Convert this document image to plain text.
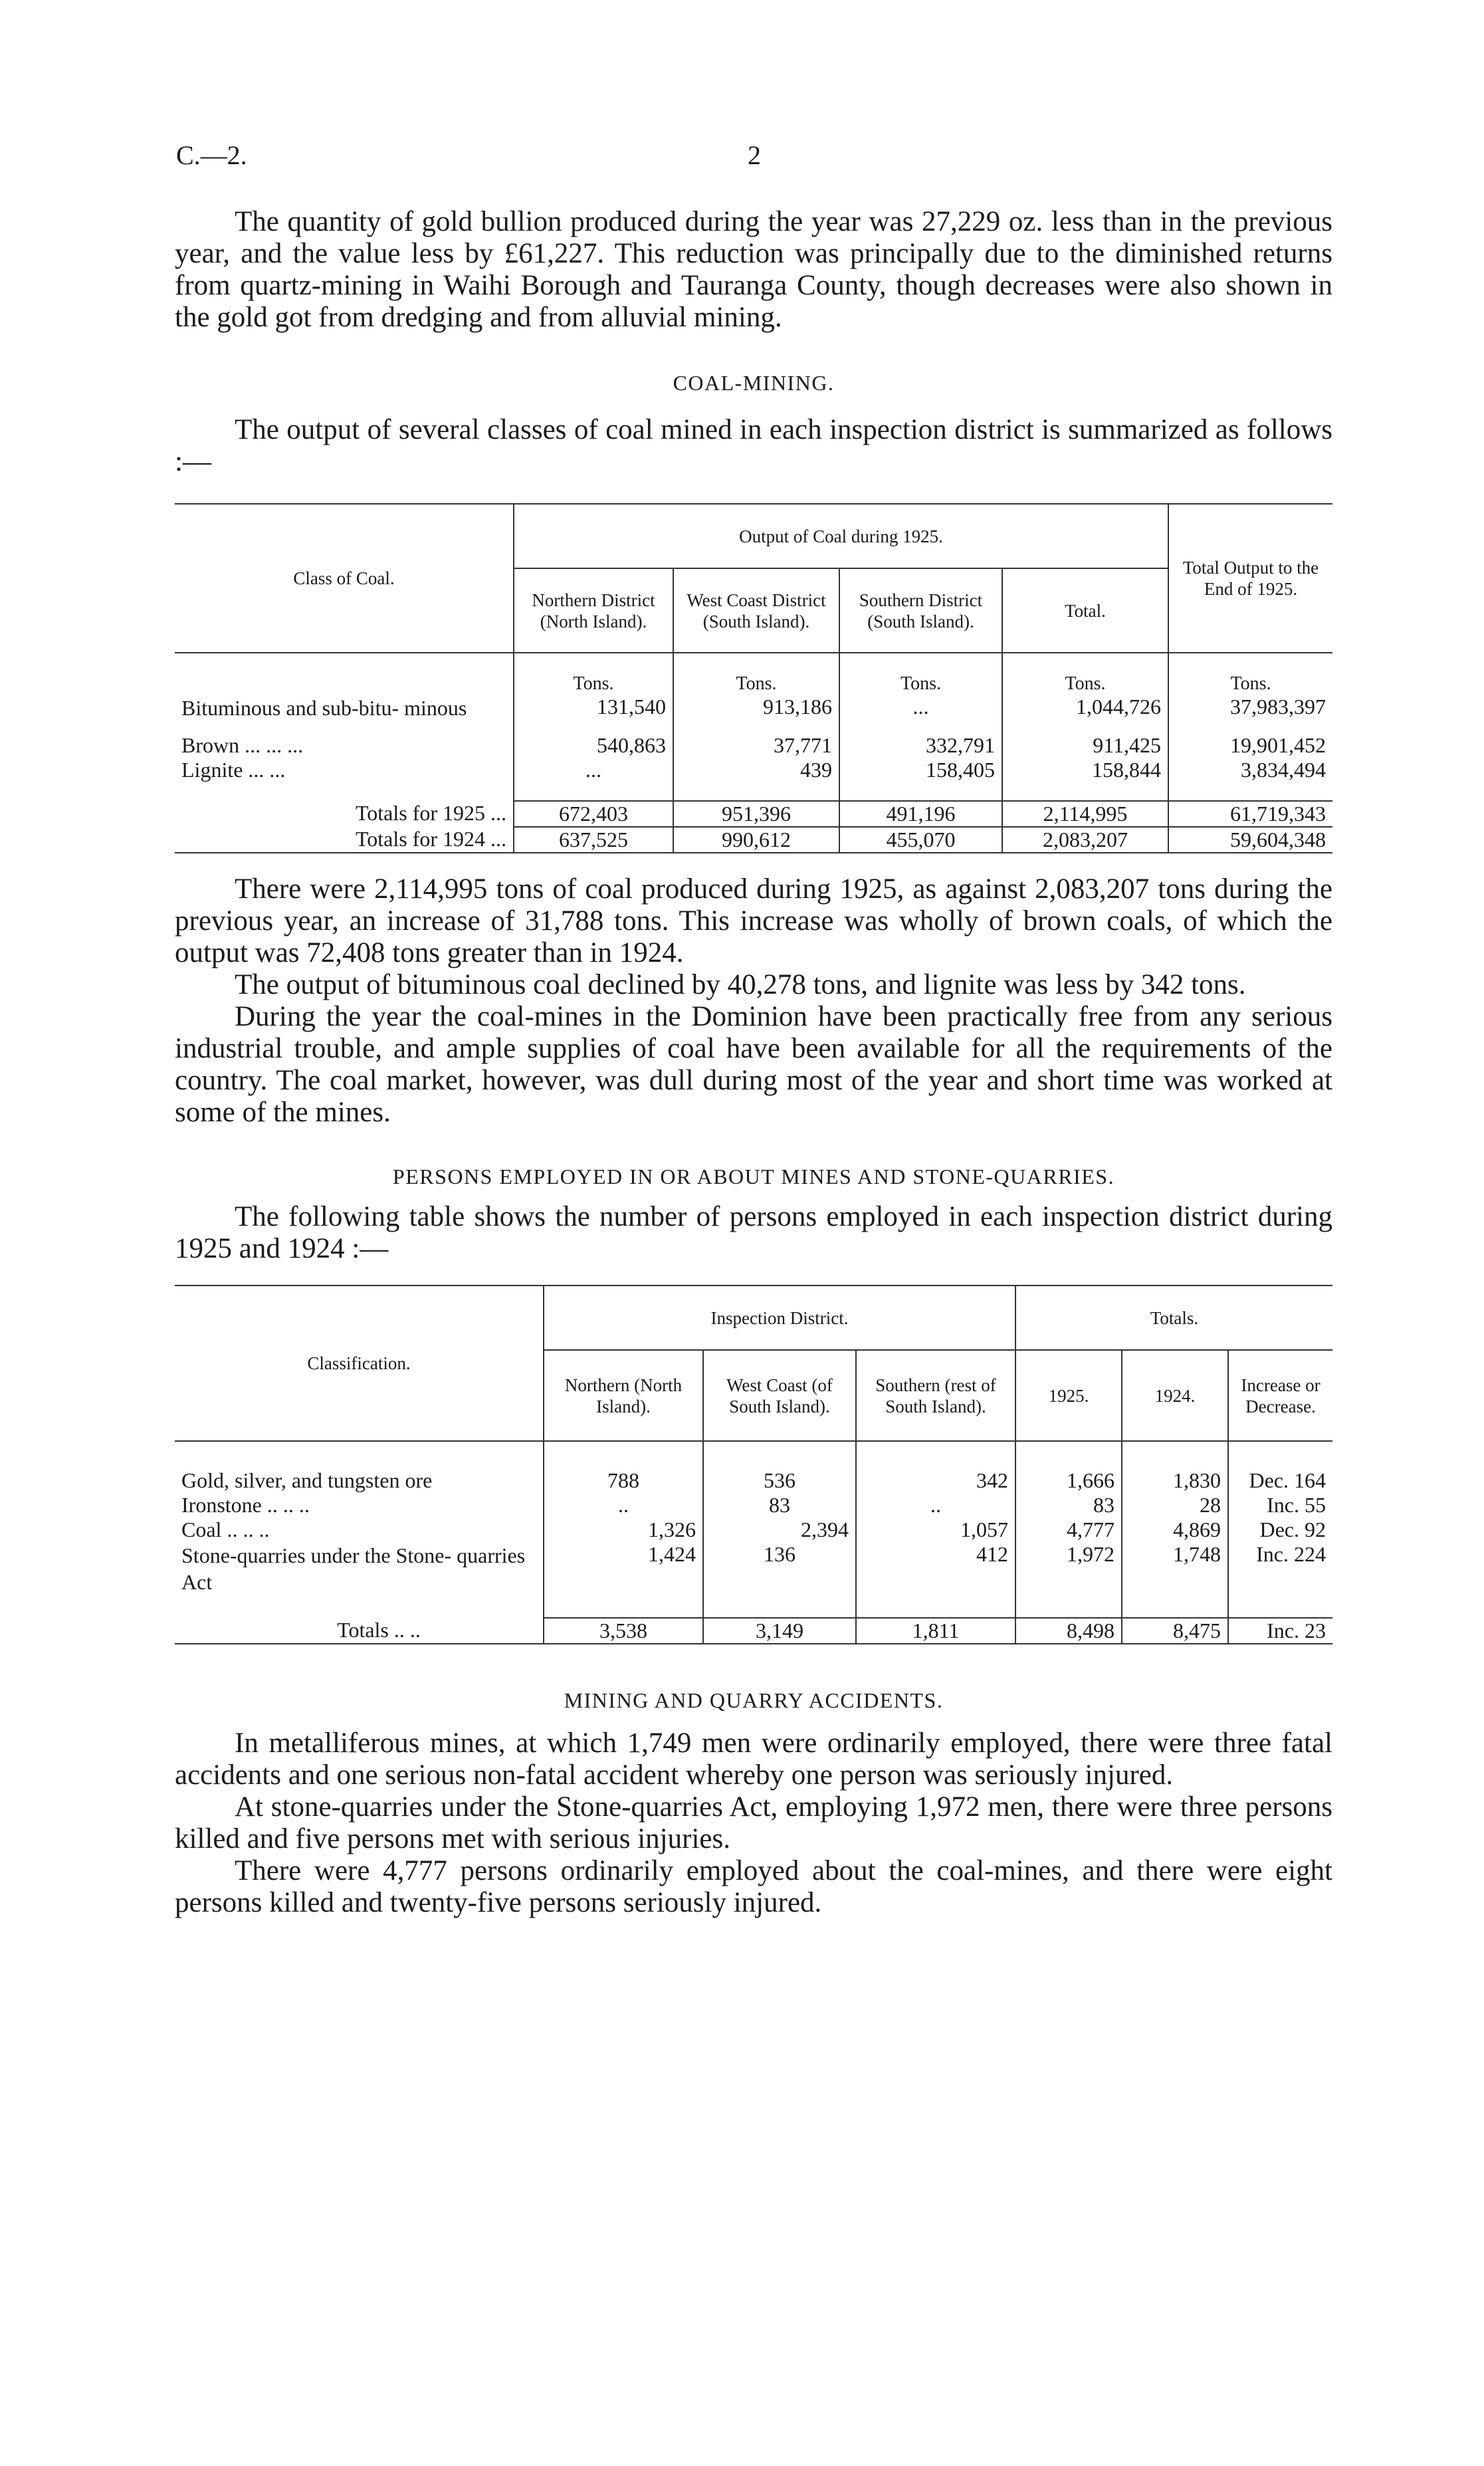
C.—2.	2

The quantity of gold bullion produced during the year was 27,229 oz. less than in the previous year, and the value less by £61,227. This reduction was principally due to the diminished returns from quartz-mining in Waihi Borough and Tauranga County, though decreases were also shown in the gold got from dredging and from alluvial mining.

COAL-MINING.

The output of several classes of coal mined in each inspection district is summarized as follows :—

Class of Coal.	Output of Coal during 1925.				Total Output to the End of 1925.
	Northern District (North Island).	West Coast District (South Island).	Southern District (South Island).	Total.	
	Tons.	Tons.	Tons.	Tons.	Tons.
Bituminous and sub-bitu- minous	131,540	913,186	...	1,044,726	37,983,397
Brown ... ... ...	540,863	37,771	332,791	911,425	19,901,452
Lignite ... ...	...	439	158,405	158,844	3,834,494
Totals for 1925 ...	672,403	951,396	491,196	2,114,995	61,719,343
Totals for 1924 ...	637,525	990,612	455,070	2,083,207	59,604,348

There were 2,114,995 tons of coal produced during 1925, as against 2,083,207 tons during the previous year, an increase of 31,788 tons. This increase was wholly of brown coals, of which the output was 72,408 tons greater than in 1924.

The output of bituminous coal declined by 40,278 tons, and lignite was less by 342 tons.

During the year the coal-mines in the Dominion have been practically free from any serious industrial trouble, and ample supplies of coal have been available for all the requirements of the country. The coal market, however, was dull during most of the year and short time was worked at some of the mines.

PERSONS EMPLOYED IN OR ABOUT MINES AND STONE-QUARRIES.

The following table shows the number of persons employed in each inspection district during 1925 and 1924 :—

Classification.	Inspection District.			Totals.		
	Northern (North Island).	West Coast (of South Island).	Southern (rest of South Island).	1925.	1924.	Increase or Decrease.
Gold, silver, and tungsten ore	788	536	342	1,666	1,830	Dec. 164
Ironstone .. .. ..	..	83	..	83	28	Inc. 55
Coal .. .. ..	1,326	2,394	1,057	4,777	4,869	Dec. 92
Stone-quarries under the Stone- quarries Act	1,424	136	412	1,972	1,748	Inc. 224
Totals .. ..	3,538	3,149	1,811	8,498	8,475	Inc. 23
MINING AND QUARRY ACCIDENTS.

In metalliferous mines, at which 1,749 men were ordinarily employed, there were three fatal accidents and one serious non-fatal accident whereby one person was seriously injured.

At stone-quarries under the Stone-quarries Act, employing 1,972 men, there were three persons killed and five persons met with serious injuries.

There were 4,777 persons ordinarily employed about the coal-mines, and there were eight persons killed and twenty-five persons seriously injured.
